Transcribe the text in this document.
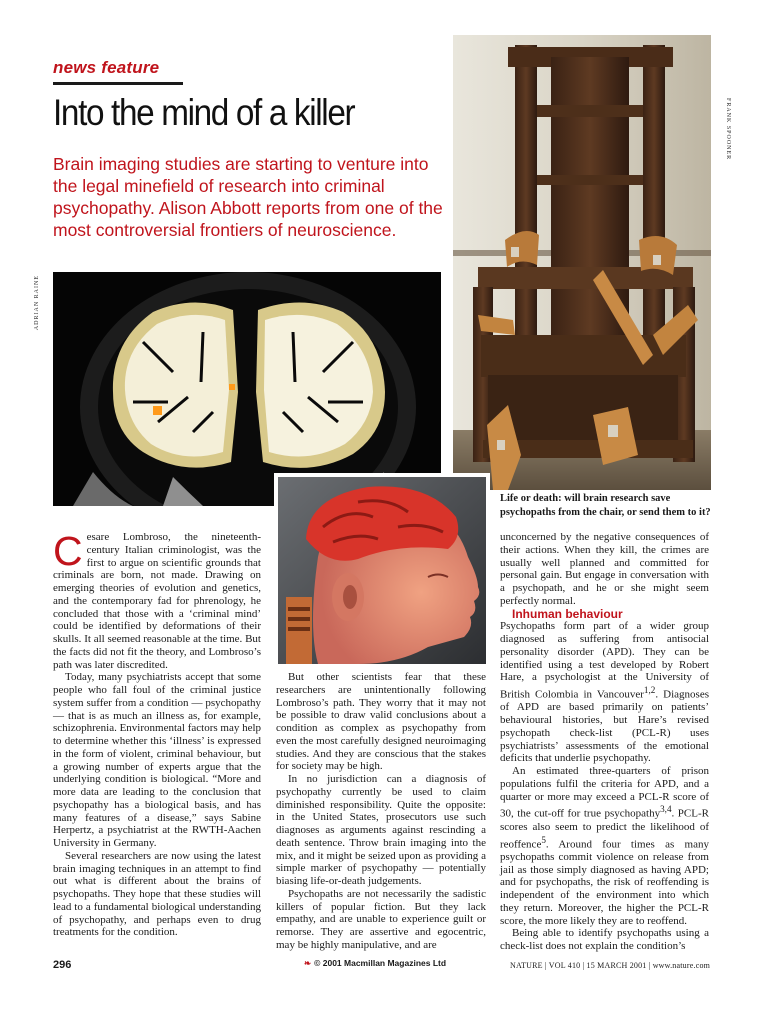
news feature
Into the mind of a killer
Brain imaging studies are starting to venture into the legal minefield of research into criminal psychopathy. Alison Abbott reports from one of the most controversial frontiers of neuroscience.
ADRIAN RAINE
FRANK SPOONER
Life or death: will brain research save psychopaths from the chair, or send them to it?
C esare Lombroso, the nineteenth-century Italian criminologist, was the first to argue on scientific grounds that criminals are born, not made. Drawing on emerging theories of evolution and genetics, and the contemporary fad for phrenology, he concluded that those with a ‘criminal mind’ could be identified by deformations of their skulls. It all seemed reasonable at the time. But the facts did not fit the theory, and Lombroso’s path was later discredited.

Today, many psychiatrists accept that some people who fall foul of the criminal justice system suffer from a condition — psychopathy — that is as much an illness as, for example, schizophrenia. Environmental factors may help to determine whether this ‘illness’ is expressed in the form of violent, criminal behaviour, but a growing number of experts argue that the underlying condition is biological. “More and more data are leading to the conclusion that psychopathy has a biological basis, and has many features of a disease,” says Sabine Herpertz, a psychiatrist at the RWTH-Aachen University in Germany.

Several researchers are now using the latest brain imaging techniques in an attempt to find out what is different about the brains of psychopaths. They hope that these studies will lead to a fundamental biological understanding of psychopathy, and perhaps even to drug treatments for the condition.

But other scientists fear that these researchers are unintentionally following Lombroso’s path. They worry that it may not be possible to draw valid conclusions about a condition as complex as psychopathy from even the most carefully designed neuroimaging studies. And they are conscious that the stakes for society may be high.

In no jurisdiction can a diagnosis of psychopathy currently be used to claim diminished responsibility. Quite the opposite: in the United States, prosecutors use such diagnoses as arguments against rescinding a death sentence. Throw brain imaging into the mix, and it might be seized upon as providing a simple marker of psychopathy — potentially biasing life-or-death judgements.

Psychopaths are not necessarily the sadistic killers of popular fiction. But they lack empathy, and are unable to experience guilt or remorse. They are assertive and egocentric, may be highly manipulative, and are

unconcerned by the negative consequences of their actions. When they kill, the crimes are usually well planned and committed for personal gain. But engage in conversation with a psychopath, and he or she might seem perfectly normal.

Inhuman behaviour

Psychopaths form part of a wider group diagnosed as suffering from antisocial personality disorder (APD). They can be identified using a test developed by Robert Hare, a psychologist at the University of British Colombia in Vancouver$^{1,2}$. Diagnoses of APD are based primarily on patients’ behavioural histories, but Hare’s revised psychopath check-list (PCL-R) uses psychiatrists’ assessments of the emotional deficits that underlie psychopathy.

An estimated three-quarters of prison populations fulfil the criteria for APD, and a quarter or more may exceed a PCL-R score of 30, the cut-off for true psychopathy$^{3,4}$. PCL-R scores also seem to predict the likelihood of reoffence$^5$. Around four times as many psychopaths commit violence on release from jail as those simply diagnosed as having APD; and for psychopaths, the risk of reoffending is independent of the environment into which they return. Moreover, the higher the PCL-R score, the more likely they are to reoffend.

Being able to identify psychopaths using a check-list does not explain the condition’s

296	❧ © 2001 Macmillan Magazines Ltd	NATURE | VOL 410 | 15 MARCH 2001 | www.nature.com
